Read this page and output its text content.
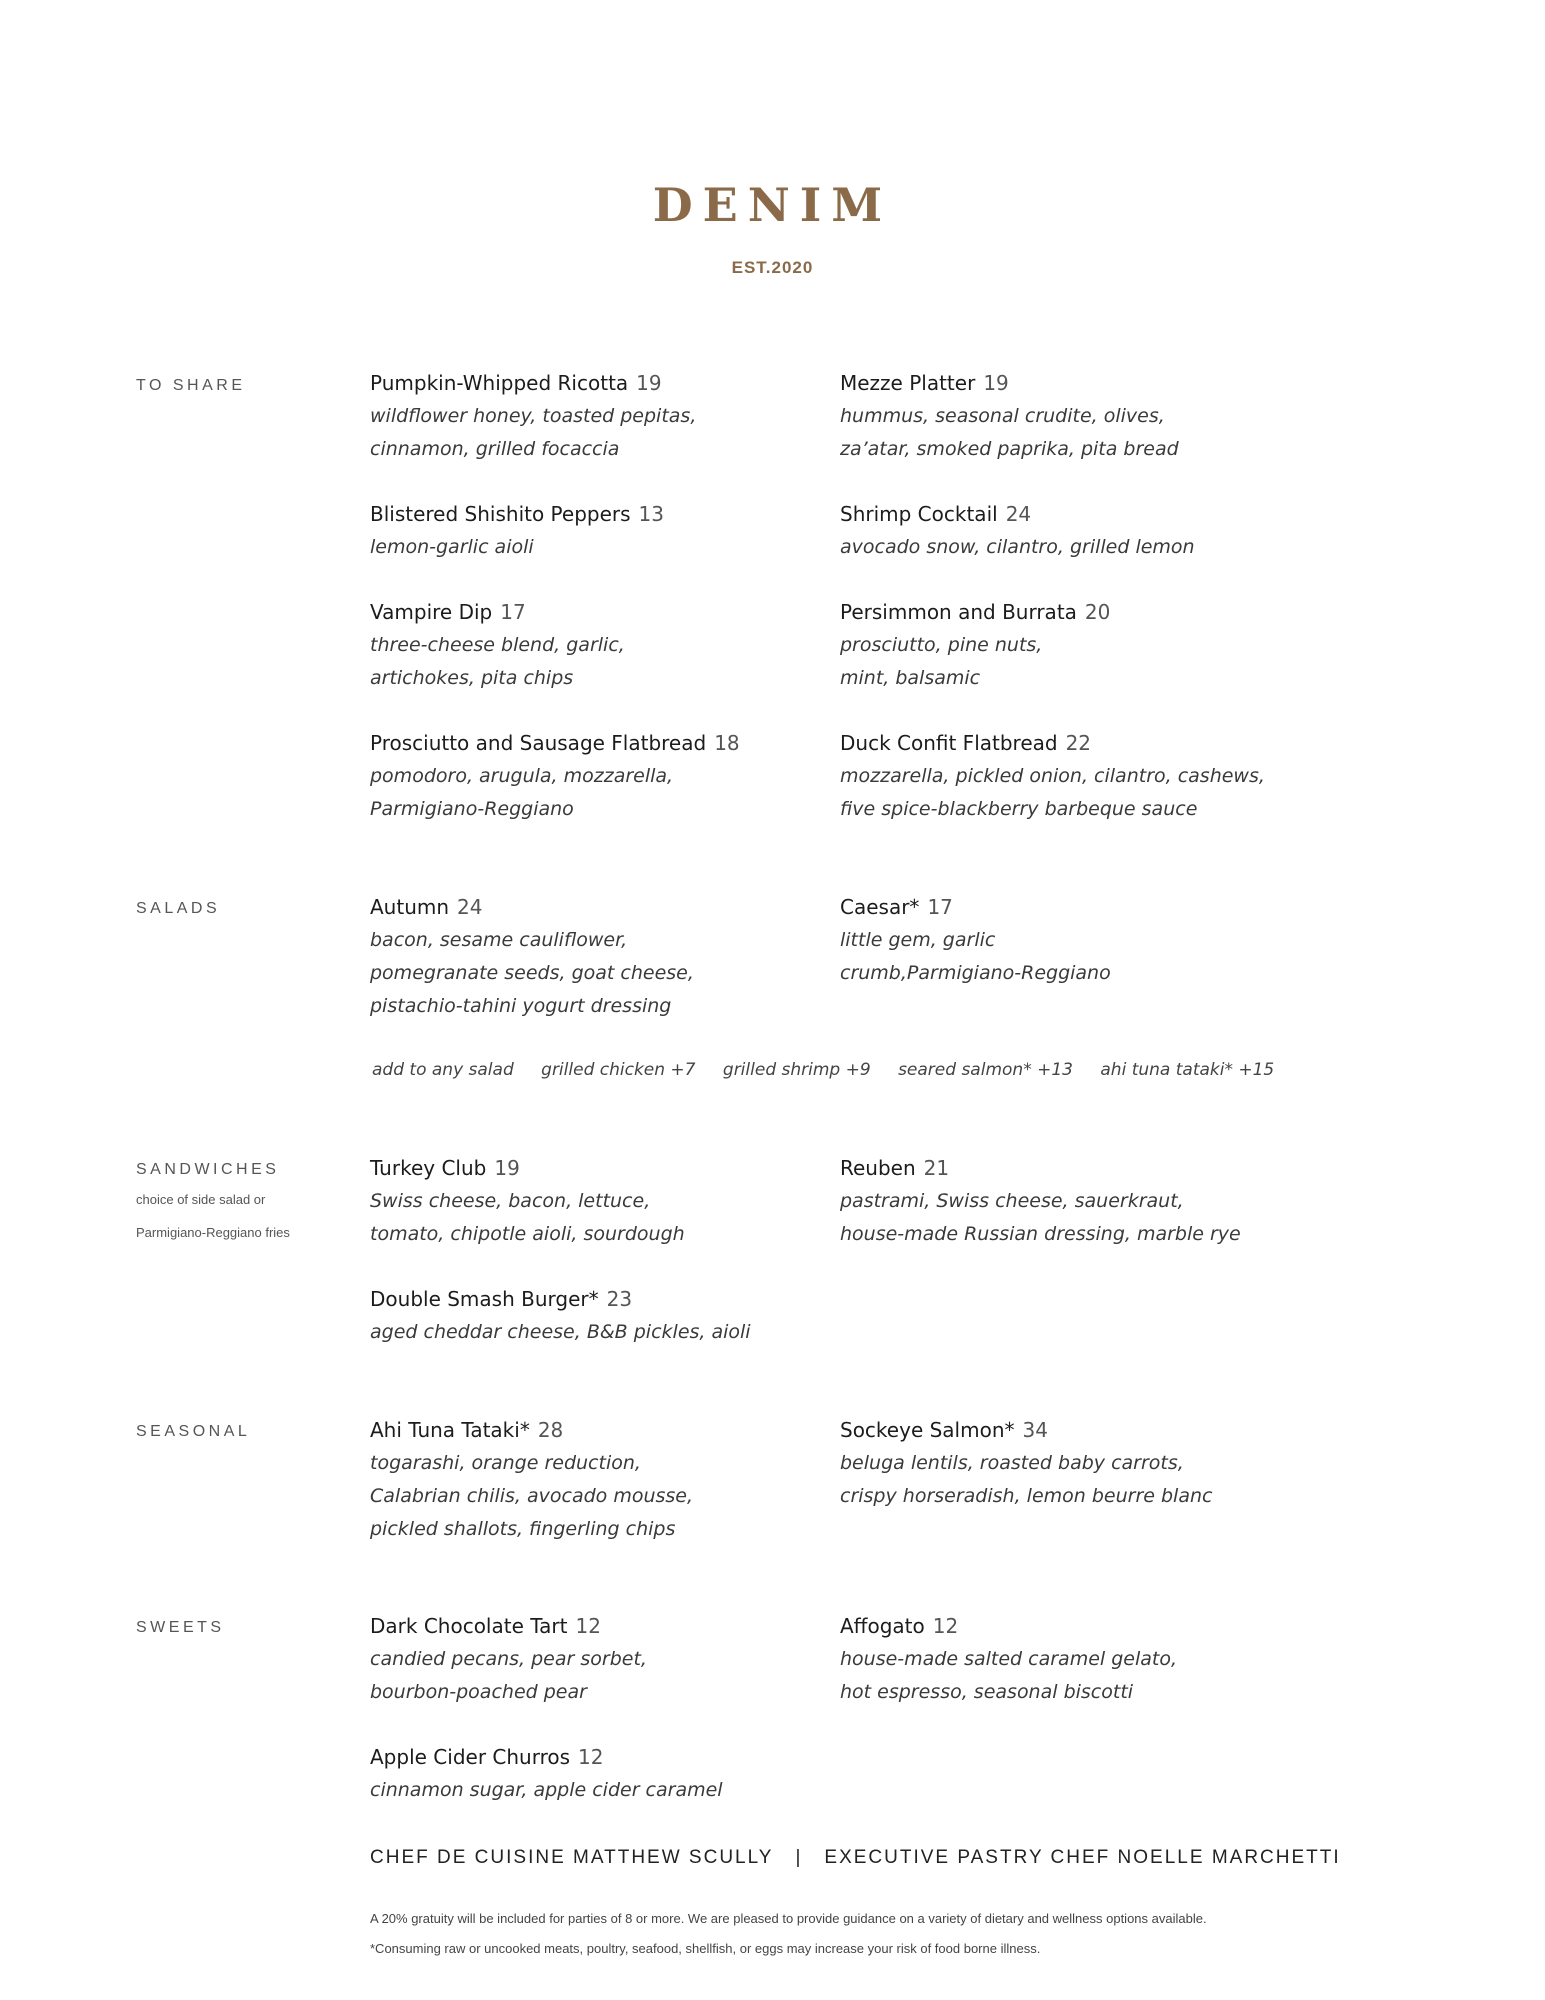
DENIM
EST.2020
TO SHARE	Pumpkin-Whipped Ricotta 19
wildflower honey, toasted pepitas,
cinnamon, grilled focaccia
Mezze Platter 19
hummus, seasonal crudite, olives,
za’atar, smoked paprika, pita bread
Blistered Shishito Peppers 13
lemon-garlic aioli
Shrimp Cocktail 24
avocado snow, cilantro, grilled lemon
Vampire Dip 17
three-cheese blend, garlic,
artichokes, pita chips
Persimmon and Burrata 20
prosciutto, pine nuts,
mint, balsamic
Prosciutto and Sausage Flatbread 18
pomodoro, arugula, mozzarella,
Parmigiano-Reggiano
Duck Confit Flatbread 22
mozzarella, pickled onion, cilantro, cashews,
five spice-blackberry barbeque sauce
SALADS	Autumn 24
bacon, sesame cauliflower,
pomegranate seeds, goat cheese,
pistachio-tahini yogurt dressing
Caesar* 17
little gem, garlic
crumb,Parmigiano-Reggiano
add to any salad grilled chicken +7 grilled shrimp +9 seared salmon* +13 ahi tuna tataki* +15
SANDWICHES
choice of side salad or
Parmigiano-Reggiano fries
Turkey Club 19
Swiss cheese, bacon, lettuce,
tomato, chipotle aioli, sourdough
Reuben 21
pastrami, Swiss cheese, sauerkraut,
house-made Russian dressing, marble rye
Double Smash Burger* 23
aged cheddar cheese, B&B pickles, aioli
SEASONAL	Ahi Tuna Tataki* 28
togarashi, orange reduction,
Calabrian chilis, avocado mousse,
pickled shallots, fingerling chips
Sockeye Salmon* 34
beluga lentils, roasted baby carrots,
crispy horseradish, lemon beurre blanc
SWEETS	Dark Chocolate Tart 12
candied pecans, pear sorbet,
bourbon-poached pear
Affogato 12
house-made salted caramel gelato,
hot espresso, seasonal biscotti
Apple Cider Churros 12
cinnamon sugar, apple cider caramel
CHEF DE CUISINE MATTHEW SCULLY | EXECUTIVE PASTRY CHEF NOELLE MARCHETTI
A 20% gratuity will be included for parties of 8 or more. We are pleased to provide guidance on a variety of dietary and wellness options available.
*Consuming raw or uncooked meats, poultry, seafood, shellfish, or eggs may increase your risk of food borne illness.
